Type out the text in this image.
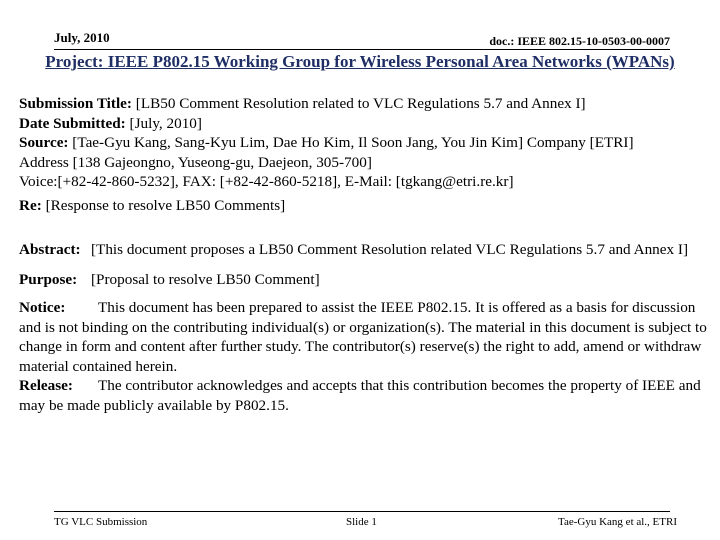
July, 2010	doc.: IEEE 802.15-10-0503-00-0007
Project: IEEE P802.15 Working Group for Wireless Personal Area Networks (WPANs)

Submission Title: [LB50 Comment Resolution related to VLC Regulations 5.7 and Annex I]

Date Submitted: [July, 2010]

Source: [Tae-Gyu Kang, Sang-Kyu Lim, Dae Ho Kim, Il Soon Jang, You Jin Kim] Company [ETRI]

Address [138 Gajeongno, Yuseong-gu, Daejeon, 305-700]

Voice:[+82-42-860-5232], FAX: [+82-42-860-5218], E-Mail: [tgkang@etri.re.kr]

Re: [Response to resolve LB50 Comments]

Abstract: [This document proposes a LB50 Comment Resolution related VLC Regulations 5.7 and Annex I]

Purpose: [Proposal to resolve LB50 Comment]

Notice: This document has been prepared to assist the IEEE P802.15. It is offered as a basis for discussion and is not binding on the contributing individual(s) or organization(s). The material in this document is subject to change in form and content after further study. The contributor(s) reserve(s) the right to add, amend or withdraw material contained herein.

Release: The contributor acknowledges and accepts that this contribution becomes the property of IEEE and may be made publicly available by P802.15.

TG VLC Submission	Slide 1	Tae-Gyu Kang et al., ETRI
